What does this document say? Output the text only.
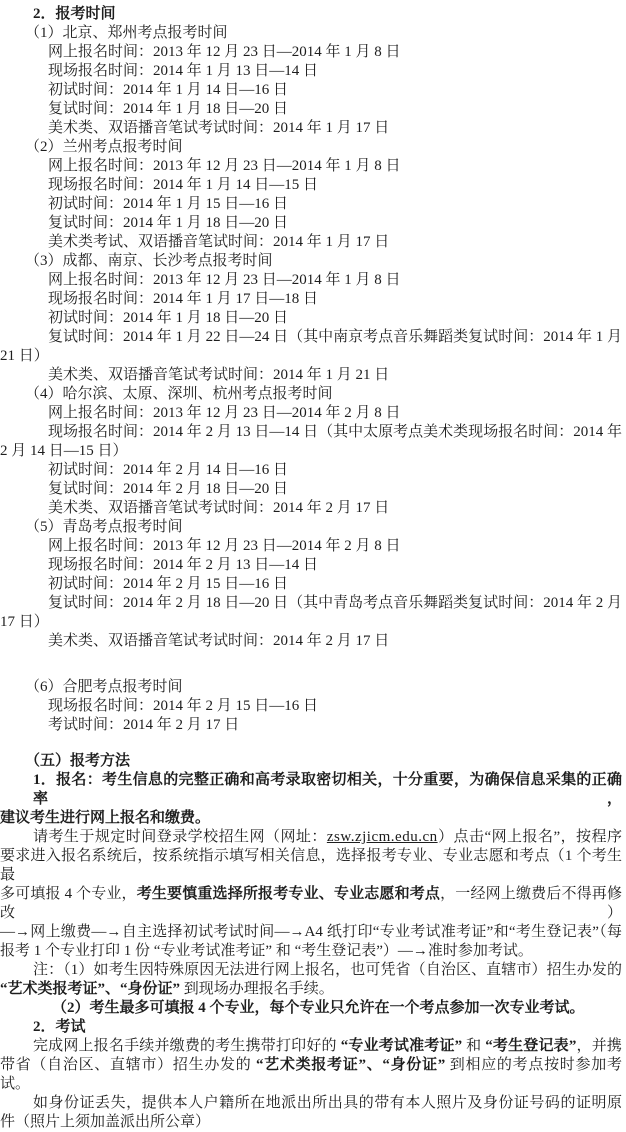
2．报考时间
（1）北京、郑州考点报考时间
网上报名时间：2013 年 12 月 23 日—2014 年 1 月 8 日
现场报名时间：2014 年 1 月 13 日—14 日
初试时间：2014 年 1 月 14 日—16 日
复试时间：2014 年 1 月 18 日—20 日
美术类、双语播音笔试考试时间：2014 年 1 月 17 日
（2）兰州考点报考时间
网上报名时间：2013 年 12 月 23 日—2014 年 1 月 8 日
现场报名时间：2014 年 1 月 14 日—15 日
初试时间：2014 年 1 月 15 日—16 日
复试时间：2014 年 1 月 18 日—20 日
美术类考试、双语播音笔试时间：2014 年 1 月 17 日
（3）成都、南京、长沙考点报考时间
网上报名时间：2013 年 12 月 23 日—2014 年 1 月 8 日
现场报名时间：2014 年 1 月 17 日—18 日
初试时间：2014 年 1 月 18 日—20 日
复试时间：2014 年 1 月 22 日—24 日（其中南京考点音乐舞蹈类复试时间：2014 年 1 月
21 日）
美术类、双语播音笔试考试时间：2014 年 1 月 21 日
（4）哈尔滨、太原、深圳、杭州考点报考时间
网上报名时间：2013 年 12 月 23 日—2014 年 2 月 8 日
现场报名时间：2014 年 2 月 13 日—14 日（其中太原考点美术类现场报名时间：2014 年
2 月 14 日—15 日）
初试时间：2014 年 2 月 14 日—16 日
复试时间：2014 年 2 月 18 日—20 日
美术类、双语播音笔试考试时间：2014 年 2 月 17 日
（5）青岛考点报考时间
网上报名时间：2013 年 12 月 23 日—2014 年 2 月 8 日
现场报名时间：2014 年 2 月 13 日—14 日
初试时间：2014 年 2 月 15 日—16 日
复试时间：2014 年 2 月 18 日—20 日（其中青岛考点音乐舞蹈类复试时间：2014 年 2 月
17 日）
美术类、双语播音笔试考试时间：2014 年 2 月 17 日
（6）合肥考点报考时间
现场报名时间：2014 年 2 月 15 日—16 日
考试时间：2014 年 2 月 17 日
（五）报考方法
1．报名：考生信息的完整正确和高考录取密切相关，十分重要，为确保信息采集的正确率，
建议考生进行网上报名和缴费。
请考生于规定时间登录学校招生网（网址：zsw.zjicm.edu.cn）点击“网上报名”，按程序
要求进入报名系统后，按系统指示填写相关信息，选择报考专业、专业志愿和考点（1 个考生最
多可填报 4 个专业，考生要慎重选择所报考专业、专业志愿和考点，一经网上缴费后不得再修改）
—→网上缴费—→自主选择初试考试时间—→A4 纸打印“专业考试准考证”和“考生登记表”（每
报考 1 个专业打印 1 份 “专业考试准考证” 和 “考生登记表”）—→准时参加考试。
注：（1）如考生因特殊原因无法进行网上报名，也可凭省（自治区、直辖市）招生办发的
“艺术类报考证”、“身份证” 到现场办理报名手续。
（2）考生最多可填报 4 个专业，每个专业只允许在一个考点参加一次专业考试。
2．考试
完成网上报名手续并缴费的考生携带打印好的 “专业考试准考证” 和 “考生登记表”，并携
带省（自治区、直辖市）招生办发的 “艺术类报考证”、“身份证” 到相应的考点按时参加考
试。
如身份证丢失，提供本人户籍所在地派出所出具的带有本人照片及身份证号码的证明原
件（照片上须加盖派出所公章）
